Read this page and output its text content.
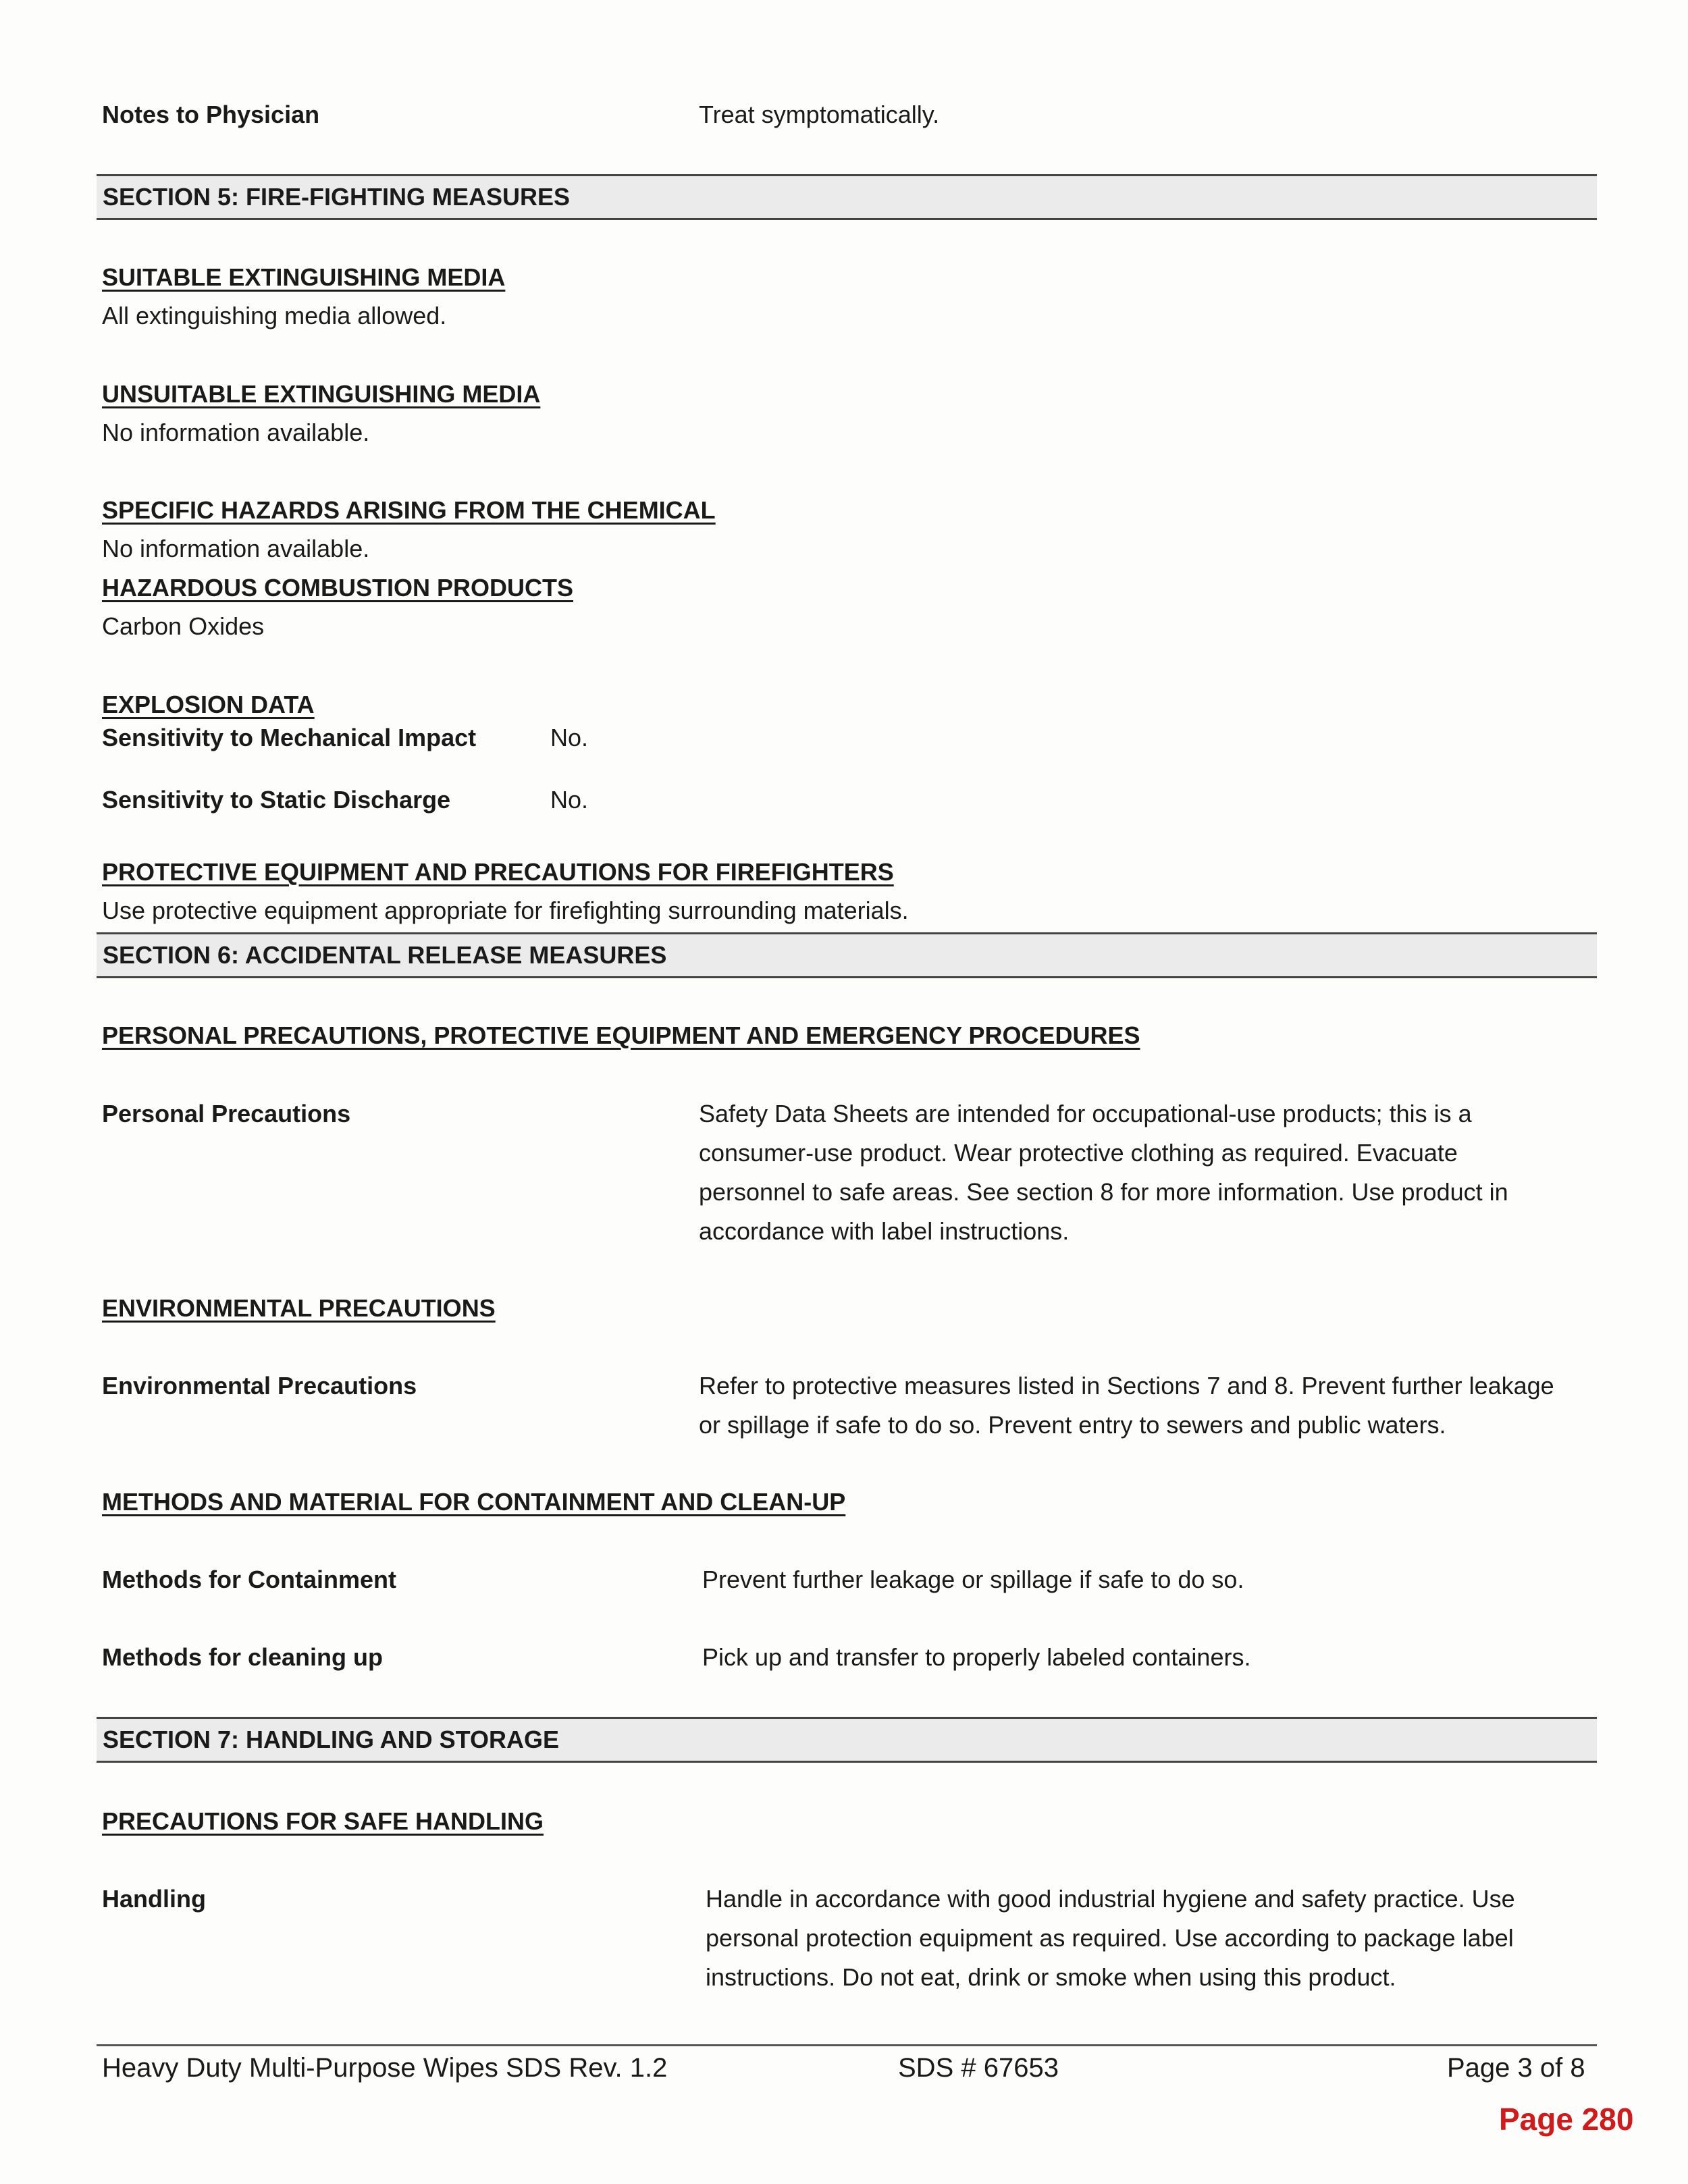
Notes to Physician	Treat symptomatically.
SECTION 5: FIRE-FIGHTING MEASURES
SUITABLE EXTINGUISHING MEDIA
All extinguishing media allowed.
UNSUITABLE EXTINGUISHING MEDIA
No information available.
SPECIFIC HAZARDS ARISING FROM THE CHEMICAL
No information available.
HAZARDOUS COMBUSTION PRODUCTS
Carbon Oxides
EXPLOSION DATA
Sensitivity to Mechanical Impact	No.
Sensitivity to Static Discharge	No.
PROTECTIVE EQUIPMENT AND PRECAUTIONS FOR FIREFIGHTERS
Use protective equipment appropriate for firefighting surrounding materials.
SECTION 6: ACCIDENTAL RELEASE MEASURES
PERSONAL PRECAUTIONS, PROTECTIVE EQUIPMENT AND EMERGENCY PROCEDURES
Personal Precautions	Safety Data Sheets are intended for occupational-use products; this is a
consumer-use product. Wear protective clothing as required. Evacuate
personnel to safe areas. See section 8 for more information. Use product in
accordance with label instructions.
ENVIRONMENTAL PRECAUTIONS
Environmental Precautions	Refer to protective measures listed in Sections 7 and 8. Prevent further leakage
or spillage if safe to do so. Prevent entry to sewers and public waters.
METHODS AND MATERIAL FOR CONTAINMENT AND CLEAN-UP
Methods for Containment	Prevent further leakage or spillage if safe to do so.
Methods for cleaning up	Pick up and transfer to properly labeled containers.
SECTION 7: HANDLING AND STORAGE
PRECAUTIONS FOR SAFE HANDLING
Handling	Handle in accordance with good industrial hygiene and safety practice. Use
personal protection equipment as required. Use according to package label
instructions. Do not eat, drink or smoke when using this product.
Heavy Duty Multi-Purpose Wipes SDS Rev. 1.2	SDS # 67653	Page 3 of 8
Page 280
